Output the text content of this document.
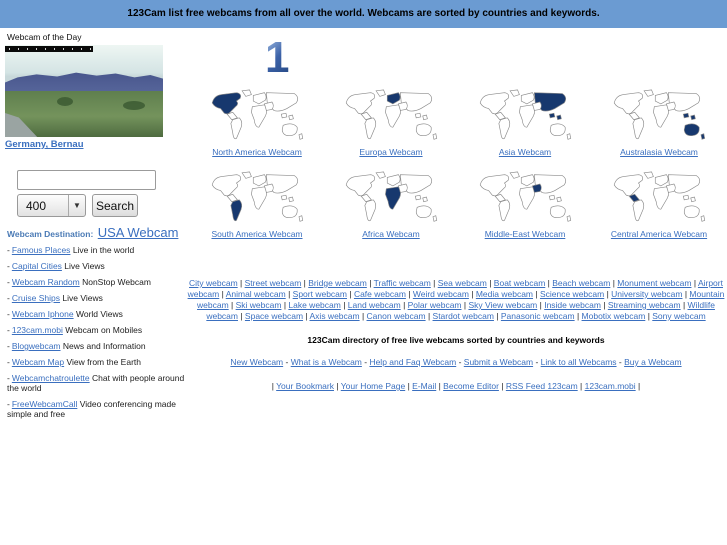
123Cam list free webcams from all over the world. Webcams are sorted by countries and keywords.
Webcam of the Day
Germany, Bernau
400	▼	Search
Webcam Destination: USA Webcam
- Famous Places Live in the world
- Capital Cities Live Views
- Webcam Random NonStop Webcam
- Cruise Ships Live Views
- Webcam Iphone World Views
- 123cam.mobi Webcam on Mobiles
- Blogwebcam News and Information
- Webcam Map View from the Earth
- Webcamchatroulette Chat with people around the world
- FreeWebcamCall Video conferencing made simple and free
1
North America Webcam	Europa Webcam	Asia Webcam	Australasia Webcam
South America Webcam	Africa Webcam	Middle-East Webcam	Central America Webcam
City webcam | Street webcam | Bridge webcam | Traffic webcam | Sea webcam | Boat webcam | Beach webcam | Monument webcam | Airport webcam | Animal webcam | Sport webcam | Cafe webcam | Weird webcam | Media webcam | Science webcam | University webcam | Mountain webcam | Ski webcam | Lake webcam | Land webcam | Polar webcam | Sky View webcam | Inside webcam | Streaming webcam | Wildlife webcam | Space webcam | Axis webcam | Canon webcam | Stardot webcam | Panasonic webcam | Mobotix webcam | Sony webcam
123Cam directory of free live webcams sorted by countries and keywords
New Webcam - What is a Webcam - Help and Faq Webcam - Submit a Webcam - Link to all Webcams - Buy a Webcam
| Your Bookmark | Your Home Page | E-Mail | Become Editor | RSS Feed 123cam | 123cam.mobi |
